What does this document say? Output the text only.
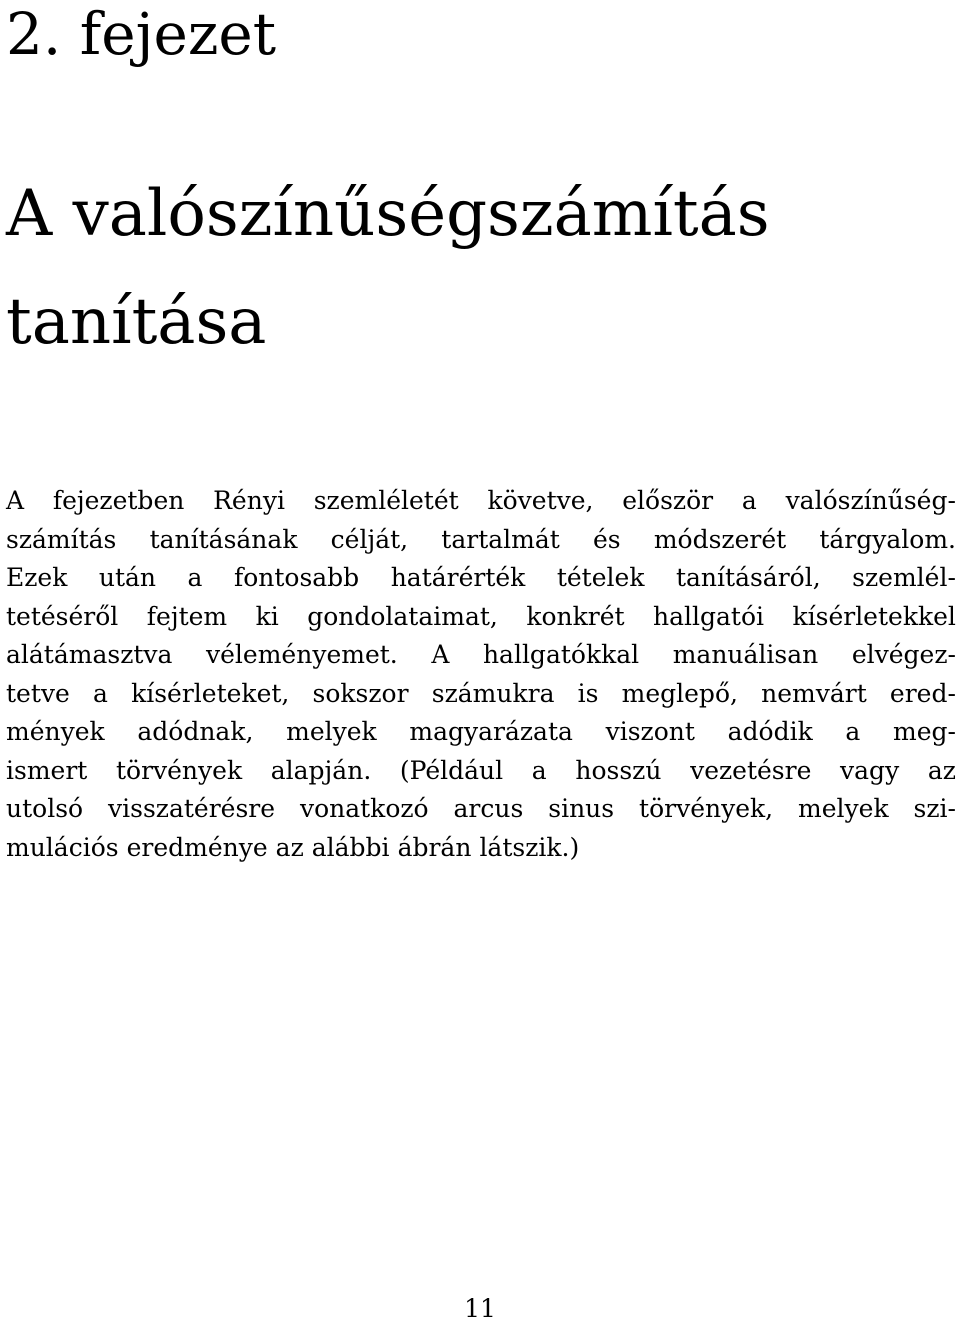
2. fejezet
A valószínűségszámítás
tanítása
A fejezetben Rényi szemléletét követve, először a valószínűség-
számítás tanításának célját, tartalmát és módszerét tárgyalom.
Ezek után a fontosabb határérték tételek tanításáról, szemlél-
tetéséről fejtem ki gondolataimat, konkrét hallgatói kísérletekkel
alátámasztva véleményemet. A hallgatókkal manuálisan elvégez-
tetve a kísérleteket, sokszor számukra is meglepő, nemvárt ered-
mények adódnak, melyek magyarázata viszont adódik a meg-
ismert törvények alapján. (Például a hosszú vezetésre vagy az
utolsó visszatérésre vonatkozó arcus sinus törvények, melyek szi-
mulációs eredménye az alábbi ábrán látszik.)
11
